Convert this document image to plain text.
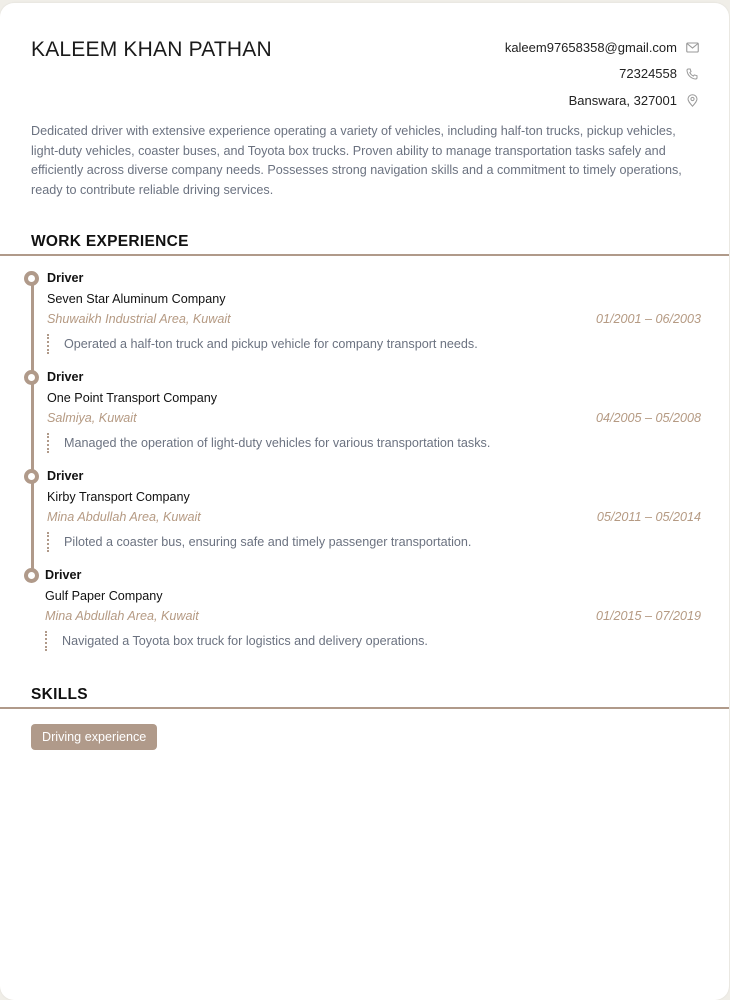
KALEEM KHAN PATHAN	kaleem97658358@gmail.com
72324558
Banswara, 327001

Dedicated driver with extensive experience operating a variety of vehicles, including half-ton trucks, pickup vehicles, light-duty vehicles, coaster buses, and Toyota box trucks. Proven ability to manage transportation tasks safely and efficiently across diverse company needs. Possesses strong navigation skills and a commitment to timely operations, ready to contribute reliable driving services.

WORK EXPERIENCE
Driver
Seven Star Aluminum Company
Shuwaikh Industrial Area, Kuwait	01/2001 – 06/2003
Operated a half-ton truck and pickup vehicle for company transport needs.
Driver
One Point Transport Company
Salmiya, Kuwait	04/2005 – 05/2008
Managed the operation of light-duty vehicles for various transportation tasks.
Driver
Kirby Transport Company
Mina Abdullah Area, Kuwait	05/2011 – 05/2014
Piloted a coaster bus, ensuring safe and timely passenger transportation.
Driver
Gulf Paper Company
Mina Abdullah Area, Kuwait	01/2015 – 07/2019
Navigated a Toyota box truck for logistics and delivery operations.
SKILLS
Driving experience
